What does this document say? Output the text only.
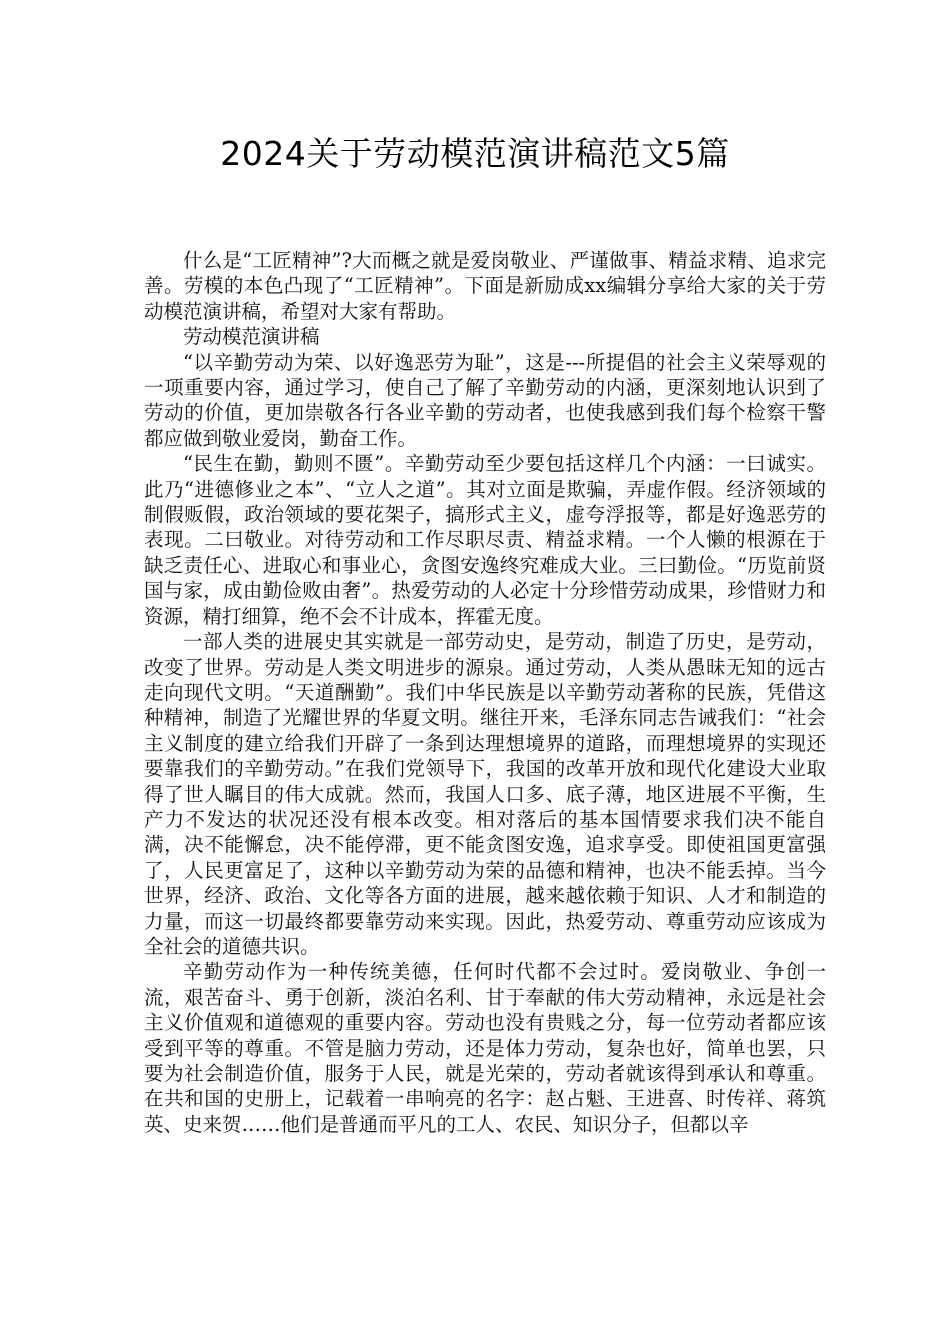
2024关于劳动模范演讲稿范文5篇

什么是“工匠精神”?大而概之就是爱岗敬业、严谨做事、精益求精、追求完善。劳模的本色凸现了“工匠精神”。下面是新励成xx编辑分享给大家的关于劳动模范演讲稿，希望对大家有帮助。

劳动模范演讲稿

“以辛勤劳动为荣、以好逸恶劳为耻”，这是---所提倡的社会主义荣辱观的一项重要内容，通过学习，使自己了解了辛勤劳动的内涵，更深刻地认识到了劳动的价值，更加崇敬各行各业辛勤的劳动者，也使我感到我们每个检察干警都应做到敬业爱岗，勤奋工作。

“民生在勤，勤则不匮”。辛勤劳动至少要包括这样几个内涵：一曰诚实。此乃“进德修业之本”、“立人之道”。其对立面是欺骗，弄虚作假。经济领域的制假贩假，政治领域的要花架子，搞形式主义，虚夸浮报等，都是好逸恶劳的表现。二曰敬业。对待劳动和工作尽职尽责、精益求精。一个人懒的根源在于缺乏责任心、进取心和事业心，贪图安逸终究难成大业。三曰勤俭。“历览前贤国与家，成由勤俭败由奢”。热爱劳动的人必定十分珍惜劳动成果，珍惜财力和资源，精打细算，绝不会不计成本，挥霍无度。

一部人类的进展史其实就是一部劳动史，是劳动，制造了历史，是劳动，改变了世界。劳动是人类文明进步的源泉。通过劳动，人类从愚昧无知的远古走向现代文明。“天道酬勤”。我们中华民族是以辛勤劳动著称的民族，凭借这种精神，制造了光耀世界的华夏文明。继往开来，毛泽东同志告诫我们：“社会主义制度的建立给我们开辟了一条到达理想境界的道路，而理想境界的实现还要靠我们的辛勤劳动。”在我们党领导下，我国的改革开放和现代化建设大业取得了世人瞩目的伟大成就。然而，我国人口多、底子薄，地区进展不平衡，生产力不发达的状况还没有根本改变。相对落后的基本国情要求我们决不能自满，决不能懈怠，决不能停滞，更不能贪图安逸，追求享受。即使祖国更富强了，人民更富足了，这种以辛勤劳动为荣的品德和精神，也决不能丢掉。当今世界，经济、政治、文化等各方面的进展，越来越依赖于知识、人才和制造的力量，而这一切最终都要靠劳动来实现。因此，热爱劳动、尊重劳动应该成为全社会的道德共识。

辛勤劳动作为一种传统美德，任何时代都不会过时。爱岗敬业、争创一流，艰苦奋斗、勇于创新，淡泊名利、甘于奉献的伟大劳动精神，永远是社会主义价值观和道德观的重要内容。劳动也没有贵贱之分，每一位劳动者都应该受到平等的尊重。不管是脑力劳动，还是体力劳动，复杂也好，简单也罢，只要为社会制造价值，服务于人民，就是光荣的，劳动者就该得到承认和尊重。在共和国的史册上，记载着一串响亮的名字：赵占魁、王进喜、时传祥、蒋筑英、史来贺……他们是普通而平凡的工人、农民、知识分子，但都以辛
